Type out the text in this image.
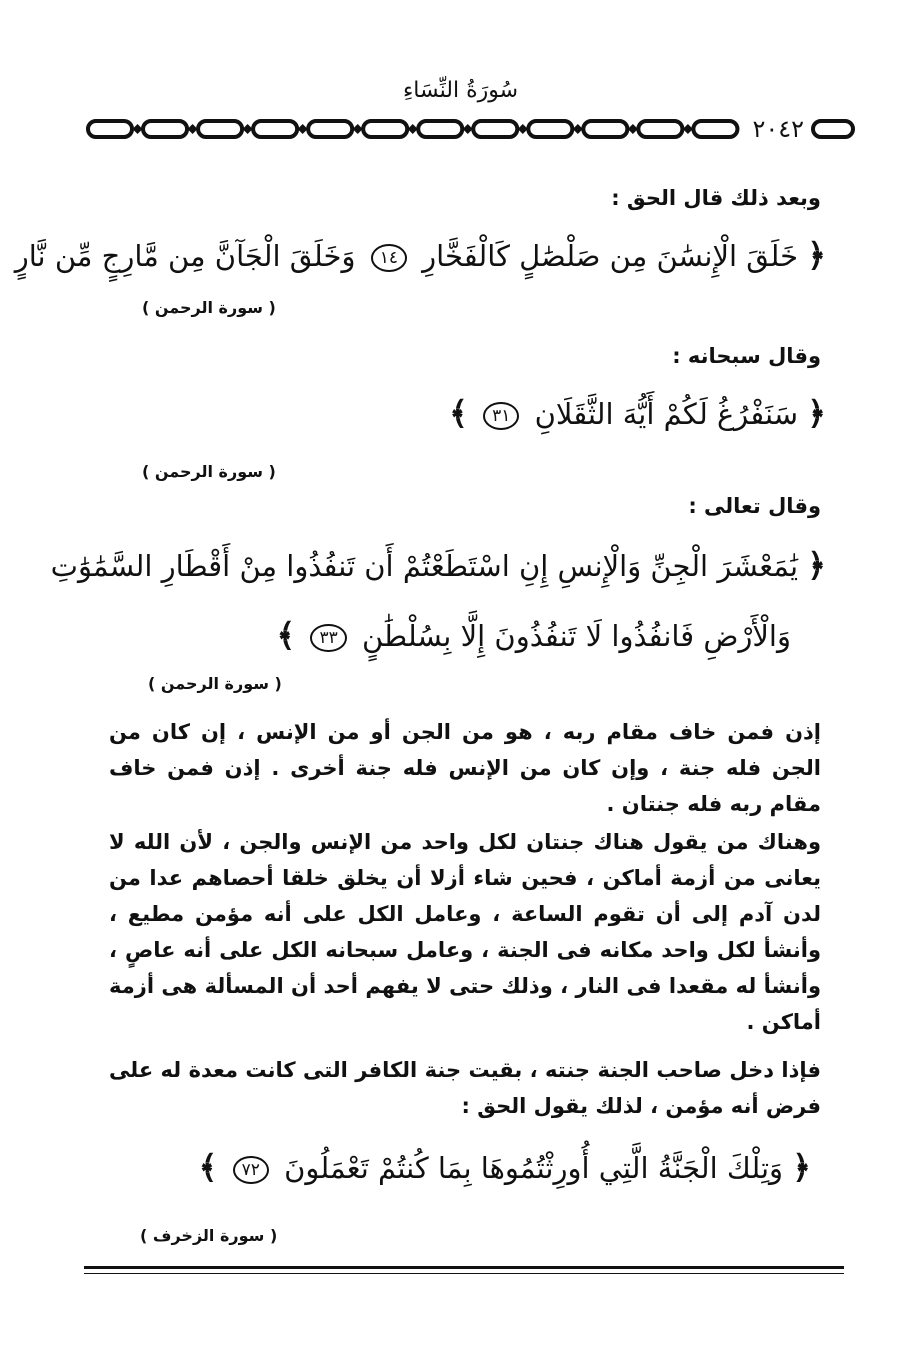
سُورَةُ النِّسَاءِ
٢٠٤٢
وبعد ذلك قال الحق :
﴿ خَلَقَ الْإِنسَٰنَ مِن صَلْصَٰلٍ كَالْفَخَّارِ ١٤ وَخَلَقَ الْجَآنَّ مِن مَّارِجٍ مِّن نَّارٍ
( سورة الرحمن )
وقال سبحانه :
﴿ سَنَفْرُغُ لَكُمْ أَيُّهَ الثَّقَلَانِ ٣١ ﴾
( سورة الرحمن )
وقال تعالى :
﴿ يَٰمَعْشَرَ الْجِنِّ وَالْإِنسِ إِنِ اسْتَطَعْتُمْ أَن تَنفُذُوا مِنْ أَقْطَارِ السَّمَٰوَٰتِ
وَالْأَرْضِ فَانفُذُوا لَا تَنفُذُونَ إِلَّا بِسُلْطَٰنٍ ٣٣ ﴾
( سورة الرحمن )
إذن فمن خاف مقام ربه ، هو من الجن أو من الإنس ، إن كان من الجن فله جنة ، وإن كان من الإنس فله جنة أخرى . إذن فمن خاف مقام ربه فله جنتان .
وهناك من يقول هناك جنتان لكل واحد من الإنس والجن ، لأن الله لا يعانى من أزمة أماكن ، فحين شاء أزلا أن يخلق خلقا أحصاهم عدا من لدن آدم إلى أن تقوم الساعة ، وعامل الكل على أنه مؤمن مطيع ، وأنشأ لكل واحد مكانه فى الجنة ، وعامل سبحانه الكل على أنه عاصٍ ، وأنشأ له مقعدا فى النار ، وذلك حتى لا يفهم أحد أن المسألة هى أزمة أماكن .
فإذا دخل صاحب الجنة جنته ، بقيت جنة الكافر التى كانت معدة له على فرض أنه مؤمن ، لذلك يقول الحق :
﴿ وَتِلْكَ الْجَنَّةُ الَّتِي أُورِثْتُمُوهَا بِمَا كُنتُمْ تَعْمَلُونَ ٧٢ ﴾
( سورة الزخرف )
